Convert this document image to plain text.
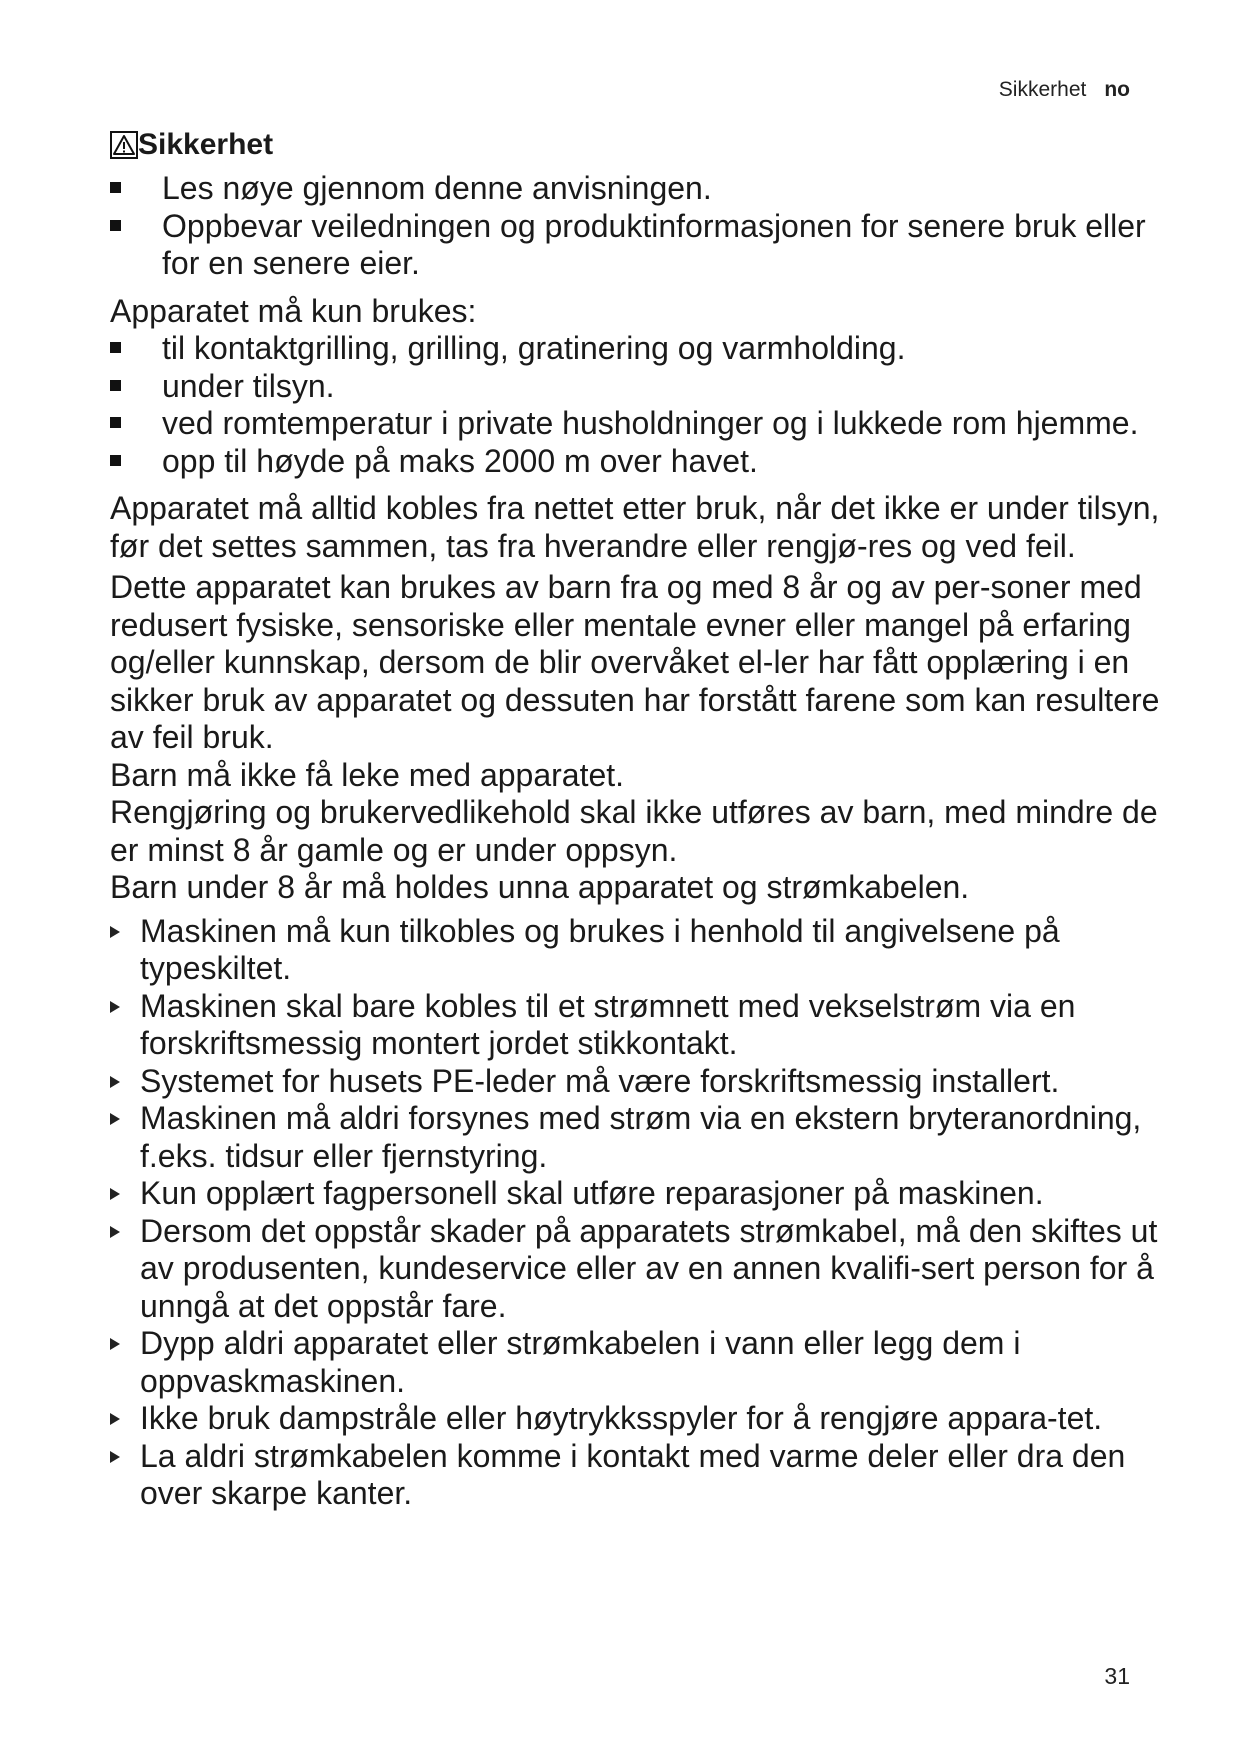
Sikkerhet no
Sikkerhet
Les nøye gjennom denne anvisningen.
Oppbevar veiledningen og produktinformasjonen for senere bruk eller for en senere eier.

Apparatet må kun brukes:

til kontaktgrilling, grilling, gratinering og varmholding.
under tilsyn.
ved romtemperatur i private husholdninger og i lukkede rom hjemme.
opp til høyde på maks 2000 m over havet.

Apparatet må alltid kobles fra nettet etter bruk, når det ikke er under tilsyn, før det settes sammen, tas fra hverandre eller rengjø-res og ved feil.

Dette apparatet kan brukes av barn fra og med 8 år og av per-soner med redusert fysiske, sensoriske eller mentale evner eller mangel på erfaring og/eller kunnskap, dersom de blir overvåket el-ler har fått opplæring i en sikker bruk av apparatet og dessuten har forstått farene som kan resultere av feil bruk.

Barn må ikke få leke med apparatet.

Rengjøring og brukervedlikehold skal ikke utføres av barn, med mindre de er minst 8 år gamle og er under oppsyn.

Barn under 8 år må holdes unna apparatet og strømkabelen.

Maskinen må kun tilkobles og brukes i henhold til angivelsene på typeskiltet.
Maskinen skal bare kobles til et strømnett med vekselstrøm via en forskriftsmessig montert jordet stikkontakt.
Systemet for husets PE-leder må være forskriftsmessig installert.
Maskinen må aldri forsynes med strøm via en ekstern bryteranordning, f.eks. tidsur eller fjernstyring.
Kun opplært fagpersonell skal utføre reparasjoner på maskinen.
Dersom det oppstår skader på apparatets strømkabel, må den skiftes ut av produsenten, kundeservice eller av en annen kvalifi-sert person for å unngå at det oppstår fare.
Dypp aldri apparatet eller strømkabelen i vann eller legg dem i oppvaskmaskinen.
Ikke bruk dampstråle eller høytrykksspyler for å rengjøre appara-tet.
La aldri strømkabelen komme i kontakt med varme deler eller dra den over skarpe kanter.
31
